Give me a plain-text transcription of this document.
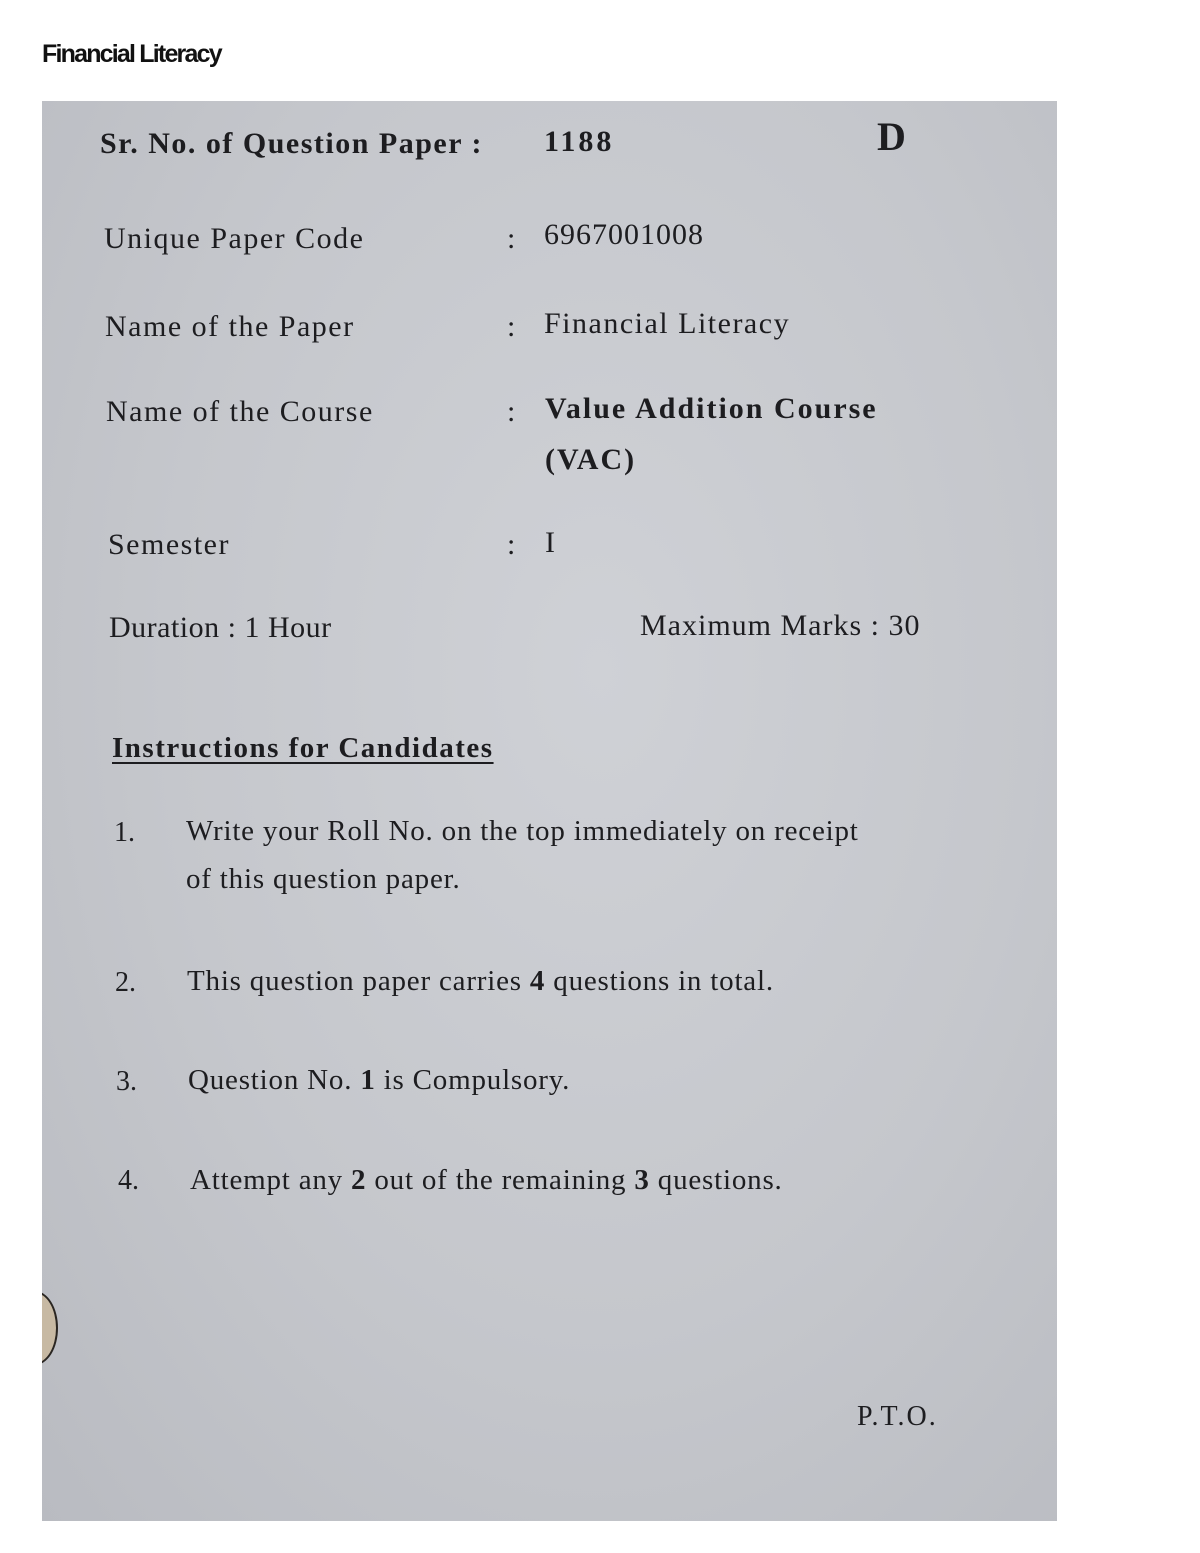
Financial Literacy
Sr. No. of Question Paper : 1188	D
Unique Paper Code	: 6967001008
Name of the Paper	: Financial Literacy
Name of the Course	: Value Addition Course
(VAC)
Semester	: I
Duration : 1 Hour	Maximum Marks : 30
Instructions for Candidates
1. Write your Roll No. on the top immediately on receipt
of this question paper.
2. This question paper carries 4 questions in total.
3. Question No. 1 is Compulsory.
4. Attempt any 2 out of the remaining 3 questions.
P.T.O.
